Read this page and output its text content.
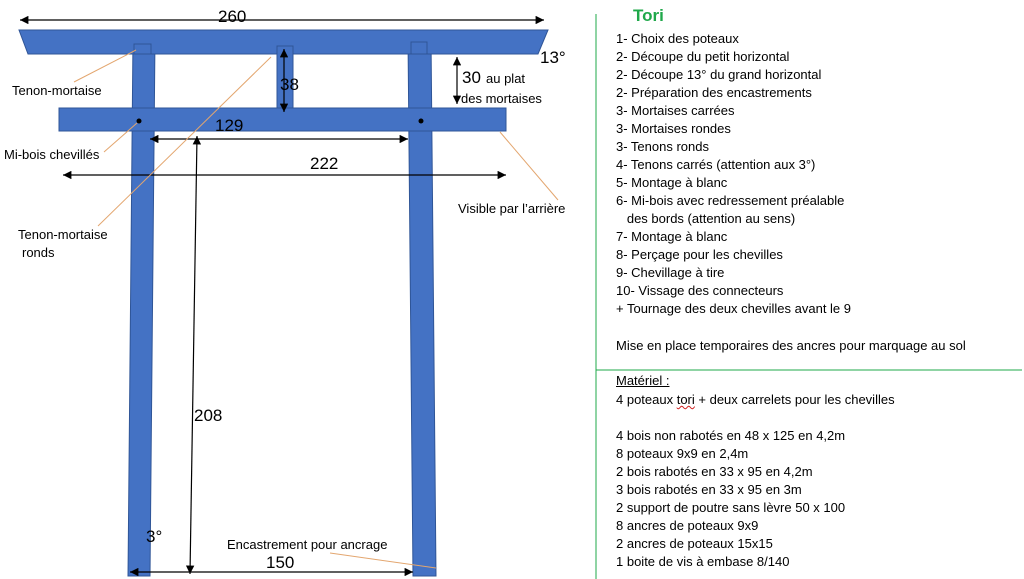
260
13°
38	30 au plat
des mortaises
129
222
208
3°
150
Tenon-mortaise
Mi-bois chevillés
Tenon-mortaise
ronds
Visible par l’arrière
Encastrement pour ancrage
Tori
1- Choix des poteaux
2- Découpe du petit horizontal
2- Découpe 13° du grand horizontal
2- Préparation des encastrements
3- Mortaises carrées
3- Mortaises rondes
3- Tenons ronds
4- Tenons carrés (attention aux 3°)
5- Montage à blanc
6- Mi-bois avec redressement préalable
des bords (attention au sens)
7- Montage à blanc
8- Perçage pour les chevilles
9- Chevillage à tire
10- Vissage des connecteurs
+ Tournage des deux chevilles avant le 9
Mise en place temporaires des ancres pour marquage au sol
Matériel :
4 poteaux tori + deux carrelets pour les chevilles
4 bois non rabotés en 48 x 125 en 4,2m
8 poteaux 9x9 en 2,4m
2 bois rabotés en 33 x 95 en 4,2m
3 bois rabotés en 33 x 95 en 3m
2 support de poutre sans lèvre 50 x 100
8 ancres de poteaux 9x9
2 ancres de poteaux 15x15
1 boite de vis à embase 8/140
